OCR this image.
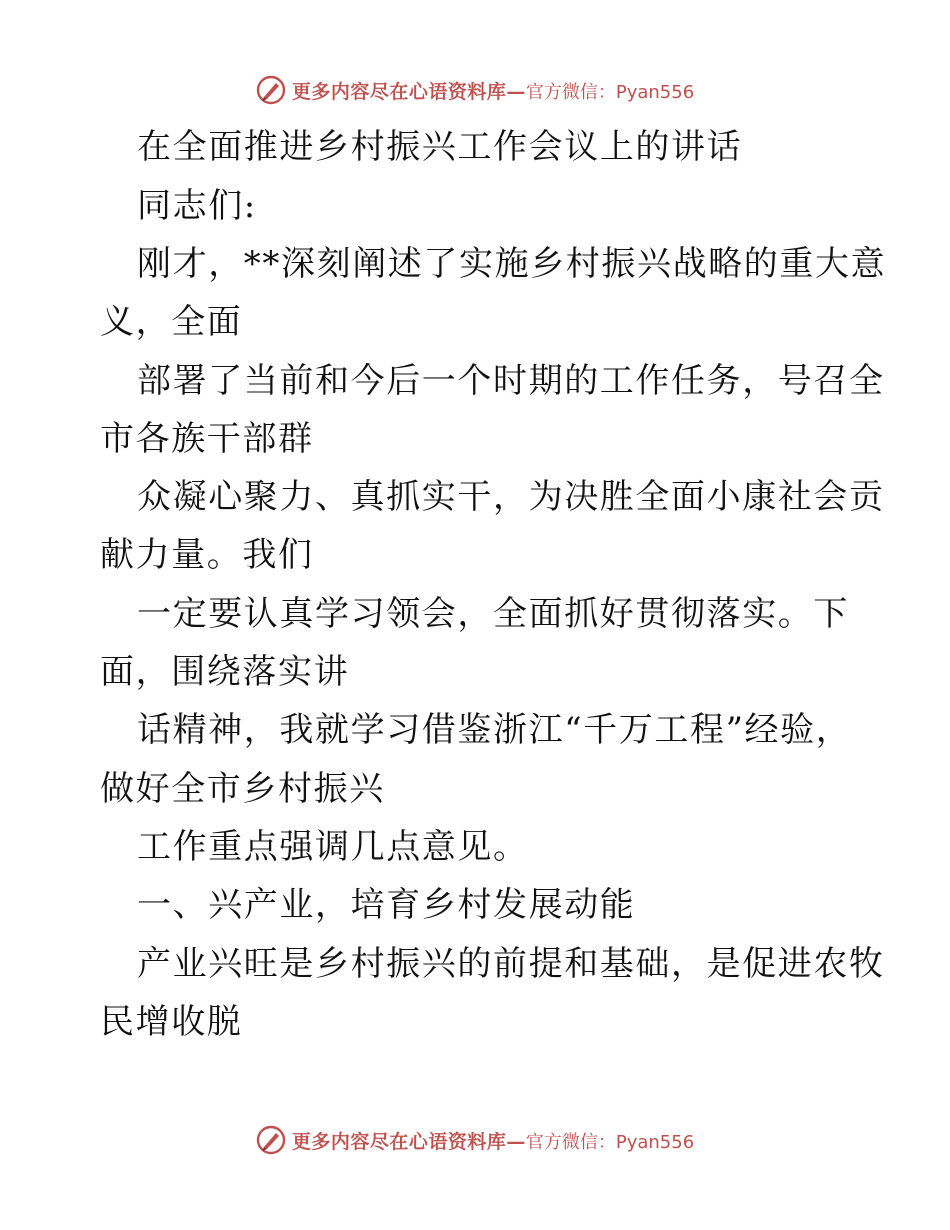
更多内容尽在心语资料库— 官方微信：Pyan556
在全面推进乡村振兴工作会议上的讲话
同志们:
刚才，**深刻阐述了实施乡村振兴战略的重大意
义，全面
部署了当前和今后一个时期的工作任务，号召全
市各族干部群
众凝心聚力、真抓实干，为决胜全面小康社会贡
献力量。我们
一定要认真学习领会，全面抓好贯彻落实。下
面，围绕落实讲
话精神，我就学习借鉴浙江“千万工程”经验，
做好全市乡村振兴
工作重点强调几点意见。
一、兴产业，培育乡村发展动能
产业兴旺是乡村振兴的前提和基础，是促进农牧
民增收脱
更多内容尽在心语资料库— 官方微信：Pyan556
